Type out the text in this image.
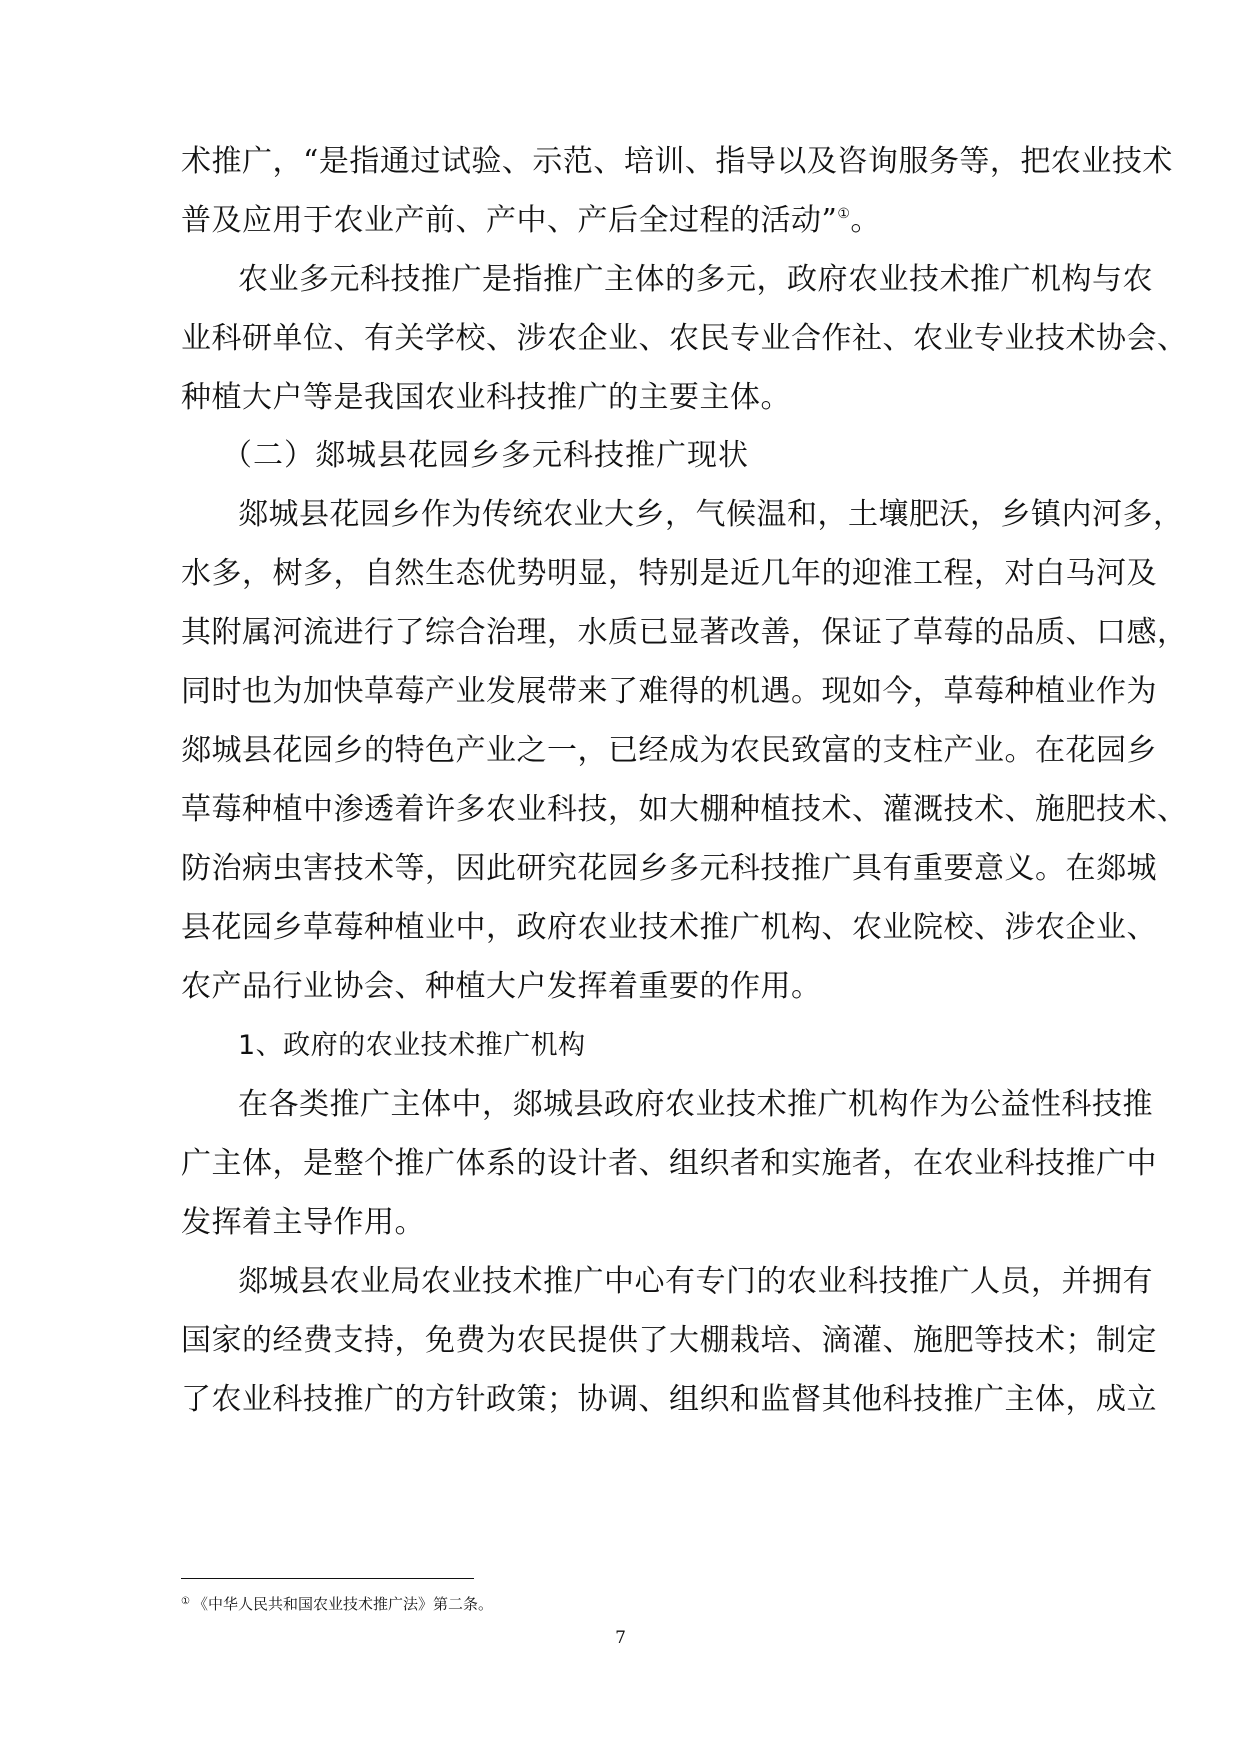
术推广，“是指通过试验、示范、培训、指导以及咨询服务等，把农业技术
普及应用于农业产前、产中、产后全过程的活动”①。
农业多元科技推广是指推广主体的多元，政府农业技术推广机构与农
业科研单位、有关学校、涉农企业、农民专业合作社、农业专业技术协会、
种植大户等是我国农业科技推广的主要主体。
（二）郯城县花园乡多元科技推广现状
郯城县花园乡作为传统农业大乡，气候温和，土壤肥沃，乡镇内河多，
水多，树多，自然生态优势明显，特别是近几年的迎淮工程，对白马河及
其附属河流进行了综合治理，水质已显著改善，保证了草莓的品质、口感，
同时也为加快草莓产业发展带来了难得的机遇。现如今，草莓种植业作为
郯城县花园乡的特色产业之一，已经成为农民致富的支柱产业。在花园乡
草莓种植中渗透着许多农业科技，如大棚种植技术、灌溉技术、施肥技术、
防治病虫害技术等，因此研究花园乡多元科技推广具有重要意义。在郯城
县花园乡草莓种植业中，政府农业技术推广机构、农业院校、涉农企业、
农产品行业协会、种植大户发挥着重要的作用。
1、政府的农业技术推广机构
在各类推广主体中，郯城县政府农业技术推广机构作为公益性科技推
广主体，是整个推广体系的设计者、组织者和实施者，在农业科技推广中
发挥着主导作用。
郯城县农业局农业技术推广中心有专门的农业科技推广人员，并拥有
国家的经费支持，免费为农民提供了大棚栽培、滴灌、施肥等技术；制定
了农业科技推广的方针政策；协调、组织和监督其他科技推广主体，成立
① 《中华人民共和国农业技术推广法》第二条。
7
